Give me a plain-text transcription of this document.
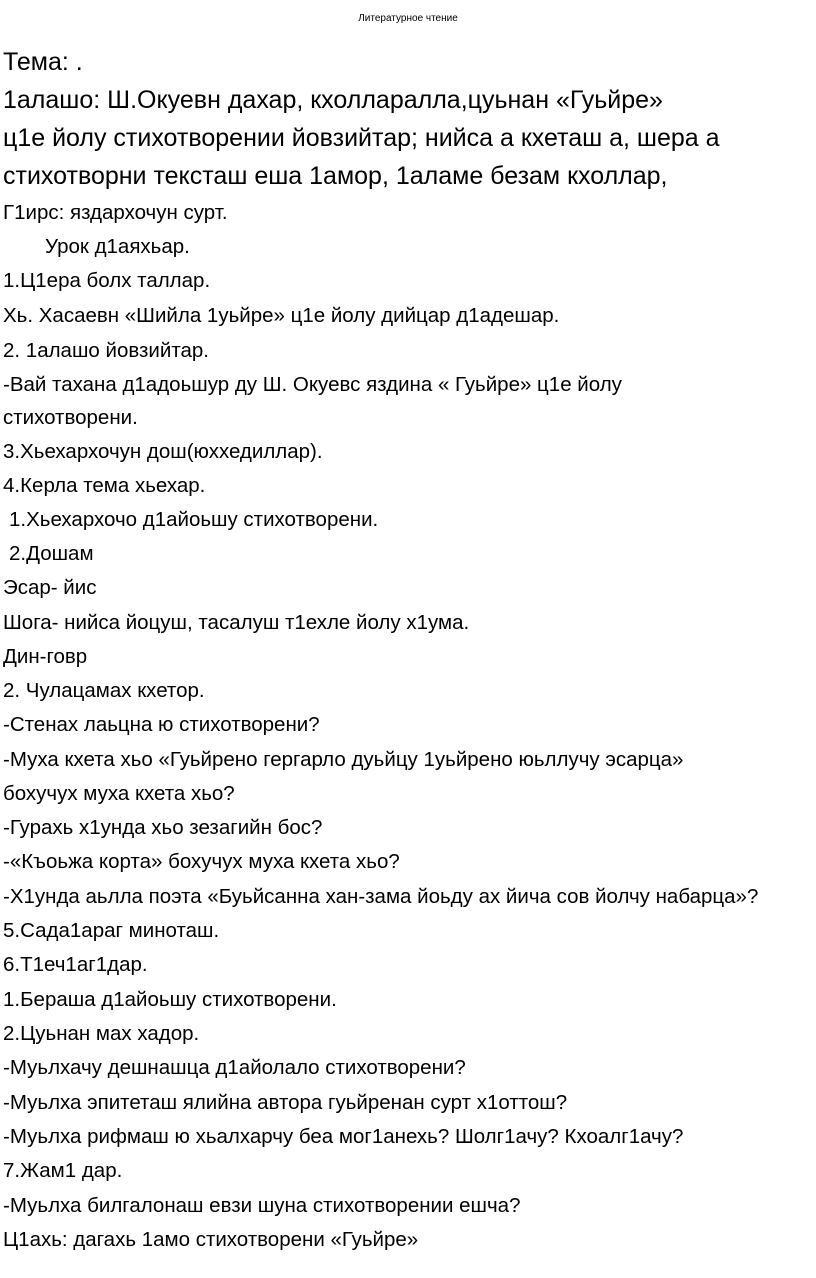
Литературное чтение
Тема: .
1алашо: Ш.Окуевн дахар, кхолларалла,цуьнан «Гуьйре»
ц1е йолу стихотворении йовзийтар; нийса а кхеташ а, шера а
стихотворни тексташ еша 1амор, 1аламе безам кхоллар,
Г1ирс: яздархочун сурт.
Урок д1аяхьар.
1.Ц1ера болх таллар.
Хь. Хасаевн «Шийла 1уьйре» ц1е йолу дийцар д1адешар.
2. 1алашо йовзийтар.
-Вай тахана д1адоьшур ду Ш. Окуевс яздина « Гуьйре» ц1е йолу
стихотворени.
3.Хьехархочун дош(юххедиллар).
4.Керла тема хьехар.
1.Хьехархочо д1айоьшу стихотворени.
2.Дошам
Эсар- йис
Шога- нийса йоцуш, тасалуш т1ехле йолу х1ума.
Дин-говр
2. Чулацамах кхетор.
-Стенах лаьцна ю стихотворени?
-Муха кхета хьо «Гуьйрено гергарло дуьйцу 1уьйрено юьллучу эсарца»
бохучух муха кхета хьо?
-Гурахь х1унда хьо зезагийн бос?
-«Къоьжа корта» бохучух муха кхета хьо?
-Х1унда аьлла поэта «Буьйсанна хан-зама йоьду ах йича сов йолчу набарца»?
5.Сада1араг миноташ.
6.Т1еч1аг1дар.
1.Бераша д1айоьшу стихотворени.
2.Цуьнан мах хадор.
-Муьлхачу дешнашца д1айолало стихотворени?
-Муьлха эпитеташ ялийна автора гуьйренан сурт х1оттош?
-Муьлха рифмаш ю хьалхарчу беа мог1анехь? Шолг1ачу? Кхоалг1ачу?
7.Жам1 дар.
-Муьлха билгалонаш евзи шуна стихотворении ешча?
Ц1ахь: дагахь 1амо стихотворени «Гуьйре»
